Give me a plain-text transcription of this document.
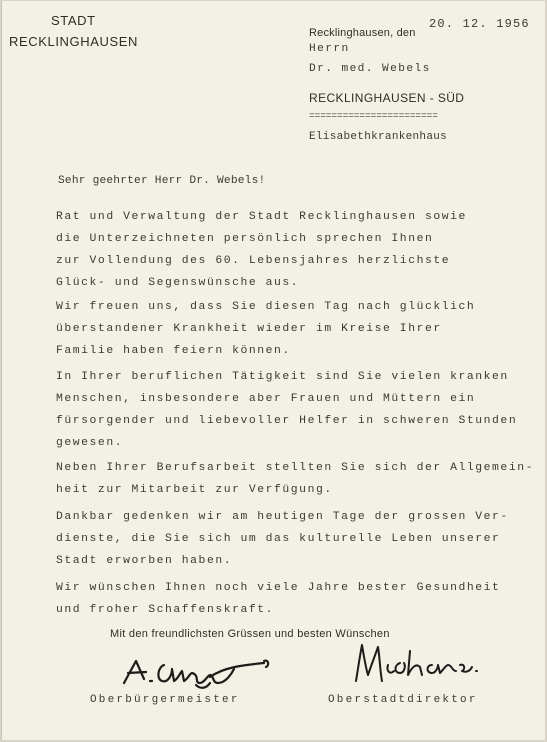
STADT
RECKLINGHAUSEN
Recklinghausen, den
20. 12. 1956
Herrn
Dr. med. Webels
RECKLINGHAUSEN - SÜD
=======================
Elisabethkrankenhaus
Sehr geehrter Herr Dr. Webels!
Rat und Verwaltung der Stadt Recklinghausen sowie
die Unterzeichneten persönlich sprechen Ihnen
zur Vollendung des 60. Lebensjahres herzlichste
Glück- und Segenswünsche aus.
Wir freuen uns, dass Sie diesen Tag nach glücklich
überstandener Krankheit wieder im Kreise Ihrer
Familie haben feiern können.
In Ihrer beruflichen Tätigkeit sind Sie vielen kranken
Menschen, insbesondere aber Frauen und Müttern ein
fürsorgender und liebevoller Helfer in schweren Stunden
gewesen.
Neben Ihrer Berufsarbeit stellten Sie sich der Allgemein-
heit zur Mitarbeit zur Verfügung.
Dankbar gedenken wir am heutigen Tage der grossen Ver-
dienste, die Sie sich um das kulturelle Leben unserer
Stadt erworben haben.
Wir wünschen Ihnen noch viele Jahre bester Gesundheit
und froher Schaffenskraft.
Mit den freundlichsten Grüssen und besten Wünschen
Oberbürgermeister	Oberstadtdirektor
